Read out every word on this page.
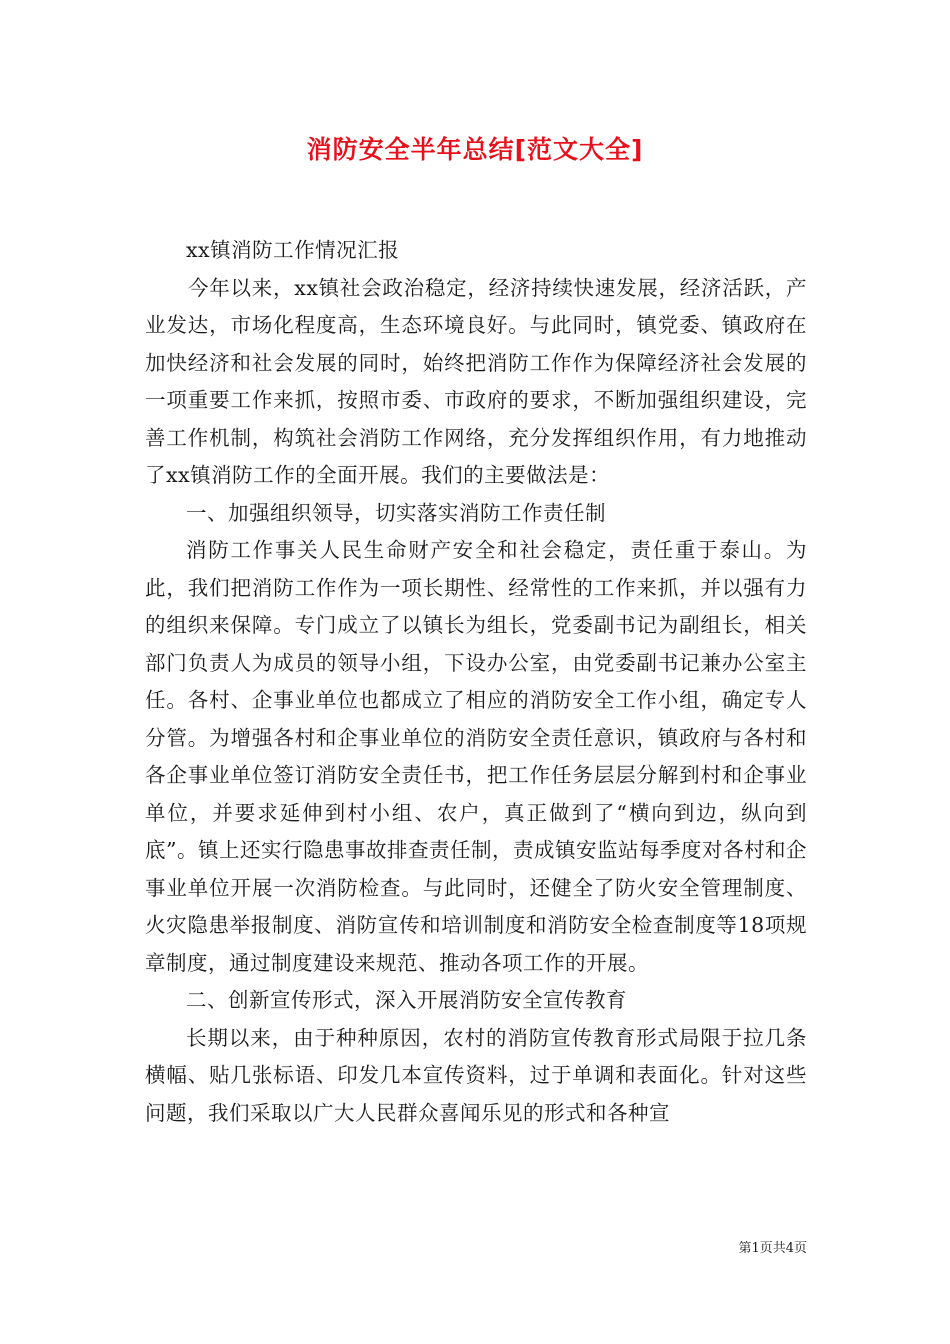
消防安全半年总结[范文大全]

xx镇消防工作情况汇报

今年以来，xx镇社会政治稳定，经济持续快速发展，经济活跃，产业发达，市场化程度高，生态环境良好。与此同时，镇党委、镇政府在加快经济和社会发展的同时，始终把消防工作作为保障经济社会发展的一项重要工作来抓，按照市委、市政府的要求，不断加强组织建设，完善工作机制，构筑社会消防工作网络，充分发挥组织作用，有力地推动了xx镇消防工作的全面开展。我们的主要做法是：

一、加强组织领导，切实落实消防工作责任制

消防工作事关人民生命财产安全和社会稳定，责任重于泰山。为此，我们把消防工作作为一项长期性、经常性的工作来抓，并以强有力的组织来保障。专门成立了以镇长为组长，党委副书记为副组长，相关部门负责人为成员的领导小组，下设办公室，由党委副书记兼办公室主任。各村、企事业单位也都成立了相应的消防安全工作小组，确定专人分管。为增强各村和企事业单位的消防安全责任意识，镇政府与各村和各企事业单位签订消防安全责任书，把工作任务层层分解到村和企事业单位，并要求延伸到村小组、农户，真正做到了“横向到边，纵向到底”。镇上还实行隐患事故排查责任制，责成镇安监站每季度对各村和企事业单位开展一次消防检查。与此同时，还健全了防火安全管理制度、火灾隐患举报制度、消防宣传和培训制度和消防安全检查制度等18项规章制度，通过制度建设来规范、推动各项工作的开展。

二、创新宣传形式，深入开展消防安全宣传教育

长期以来，由于种种原因，农村的消防宣传教育形式局限于拉几条横幅、贴几张标语、印发几本宣传资料，过于单调和表面化。针对这些问题，我们采取以广大人民群众喜闻乐见的形式和各种宣

第1页共4页
